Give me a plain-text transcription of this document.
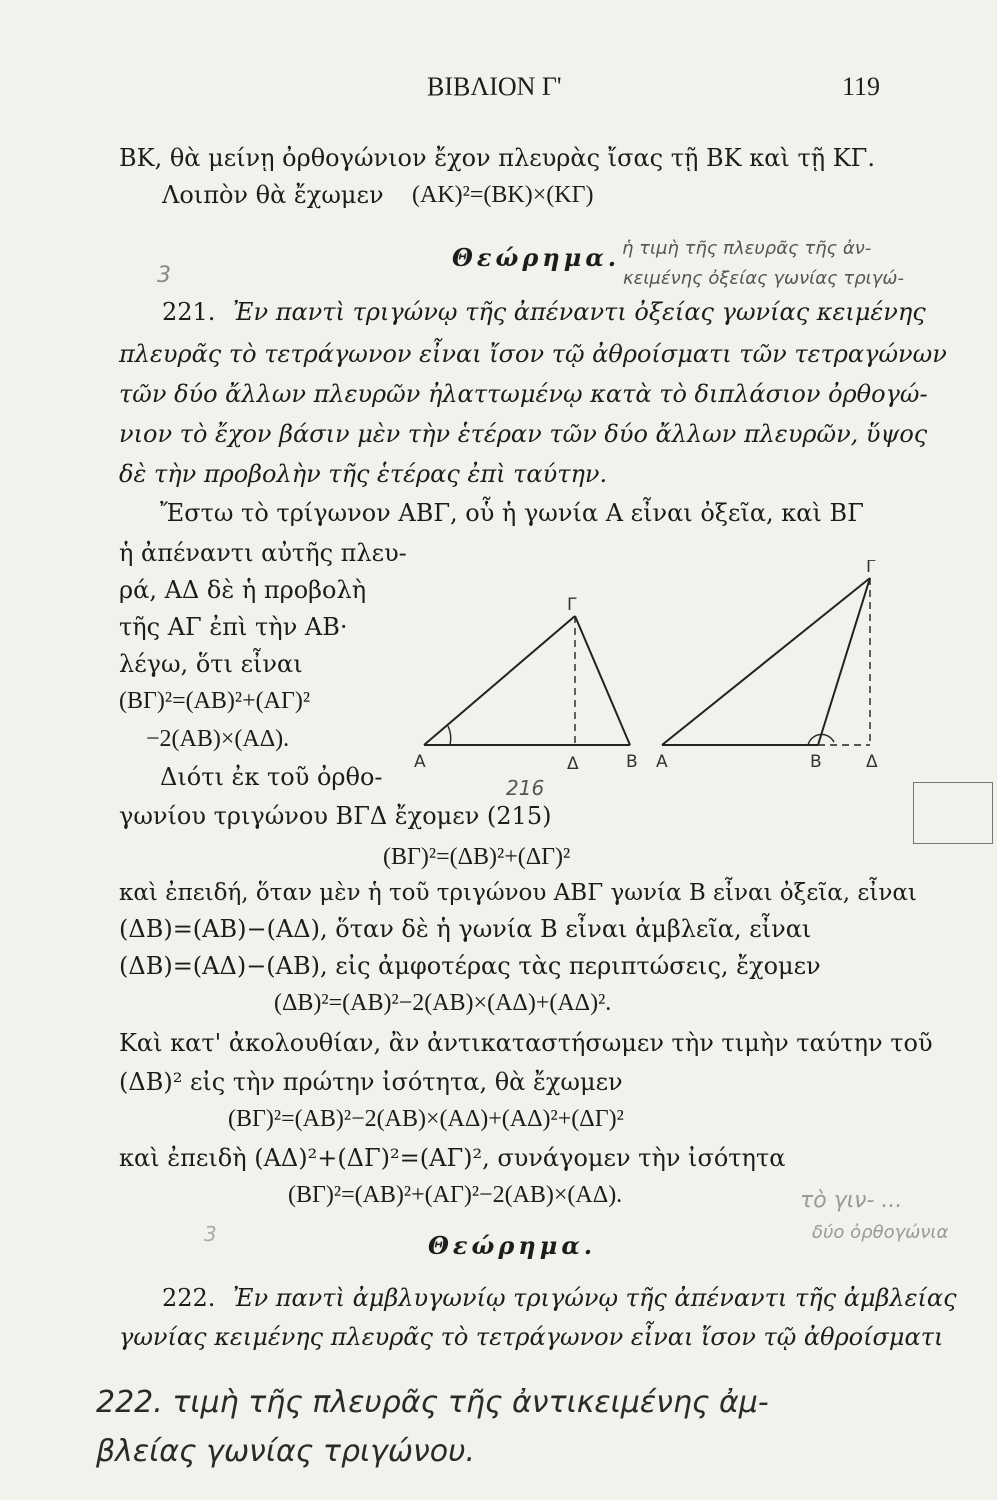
ΒΙΒΛΙΟΝ Γ'	119
ΒΚ, θὰ μείνῃ ὀρθογώνιον ἔχον πλευρὰς ἴσας τῇ ΒΚ καὶ τῇ ΚΓ.
Λοιπὸν θὰ ἔχωμεν (ΑΚ)²=(ΒΚ)×(ΚΓ)
Θεώρημα. ἡ τιμὴ τῆς πλευρᾶς τῆς ἀν-
κειμένης ὀξείας γωνίας τριγώ-
3
221. Ἐν παντὶ τριγώνῳ τῆς ἀπέναντι ὀξείας γωνίας κειμένης
πλευρᾶς τὸ τετράγωνον εἶναι ἴσον τῷ ἀθροίσματι τῶν τετραγώνων
τῶν δύο ἄλλων πλευρῶν ἠλαττωμένῳ κατὰ τὸ διπλάσιον ὀρθογώ-
νιον τὸ ἔχον βάσιν μὲν τὴν ἑτέραν τῶν δύο ἄλλων πλευρῶν, ὕψος
δὲ τὴν προβολὴν τῆς ἑτέρας ἐπὶ ταύτην.
Ἔστω τὸ τρίγωνον ΑΒΓ, οὗ ἡ γωνία Α εἶναι ὀξεῖα, καὶ ΒΓ
ἡ ἀπέναντι αὐτῆς πλευ-
ρά, ΑΔ δὲ ἡ προβολὴ
τῆς ΑΓ ἐπὶ τὴν ΑΒ·
λέγω, ὅτι εἶναι
(ΒΓ)²=(ΑΒ)²+(ΑΓ)²
−2(ΑΒ)×(ΑΔ).
Διότι ἐκ τοῦ ὀρθο-
Α
Γ
Δ	Β Α
Γ
Β	Δ
216
γωνίου τριγώνου ΒΓΔ ἔχομεν (215)
(ΒΓ)²=(ΔΒ)²+(ΔΓ)²
καὶ ἐπειδή, ὅταν μὲν ἡ τοῦ τριγώνου ΑΒΓ γωνία Β εἶναι ὀξεῖα, εἶναι
(ΔΒ)=(ΑΒ)−(ΑΔ), ὅταν δὲ ἡ γωνία Β εἶναι ἀμβλεῖα, εἶναι
(ΔΒ)=(ΑΔ)−(ΑΒ), εἰς ἀμφοτέρας τὰς περιπτώσεις, ἔχομεν
(ΔΒ)²=(ΑΒ)²−2(ΑΒ)×(ΑΔ)+(ΑΔ)².
Καὶ κατ' ἀκολουθίαν, ἂν ἀντικαταστήσωμεν τὴν τιμὴν ταύτην τοῦ
(ΔΒ)² εἰς τὴν πρώτην ἰσότητα, θὰ ἔχωμεν
(ΒΓ)²=(ΑΒ)²−2(ΑΒ)×(ΑΔ)+(ΑΔ)²+(ΔΓ)²
καὶ ἐπειδὴ (ΑΔ)²+(ΔΓ)²=(ΑΓ)², συνάγομεν τὴν ἰσότητα
(ΒΓ)²=(ΑΒ)²+(ΑΓ)²−2(ΑΒ)×(ΑΔ).	τὸ γιν- ...
δύο ὀρθογώνια
3	Θεώρημα.
222. Ἐν παντὶ ἀμβλυγωνίῳ τριγώνῳ τῆς ἀπέναντι τῆς ἀμβλείας
γωνίας κειμένης πλευρᾶς τὸ τετράγωνον εἶναι ἴσον τῷ ἀθροίσματι
222. τιμὴ τῆς πλευρᾶς τῆς ἀντικειμένης ἀμ-
βλείας γωνίας τριγώνου.
